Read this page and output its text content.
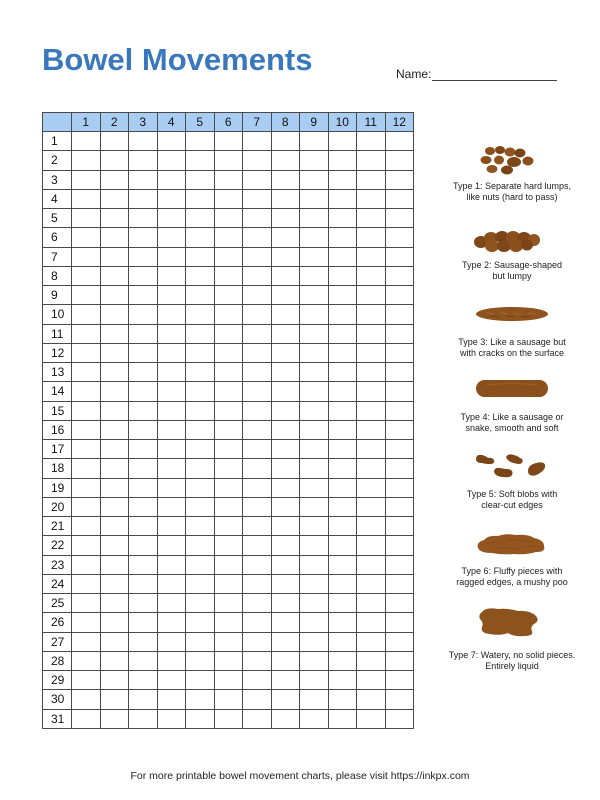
Bowel Movements	Name:
	1	2	3	4	5	6	7	8	9	10	11	12
1												
2												
3												
4												
5												
6												
7												
8												
9												
10												
11												
12												
13												
14												
15												
16												
17												
18												
19												
20												
21												
22												
23												
24												
25												
26												
27												
28												
29												
30												
31												
Type 1: Separate hard lumps,
like nuts (hard to pass)
Type 2: Sausage-shaped
but lumpy
Type 3: Like a sausage but
with cracks on the surface
Type 4: Like a sausage or
snake, smooth and soft
Type 5: Soft blobs with
clear-cut edges
Type 6: Fluffy pieces with
ragged edges, a mushy poo
Type 7: Watery, no solid pieces.
Entirely liquid
For more printable bowel movement charts, please visit https://inkpx.com
